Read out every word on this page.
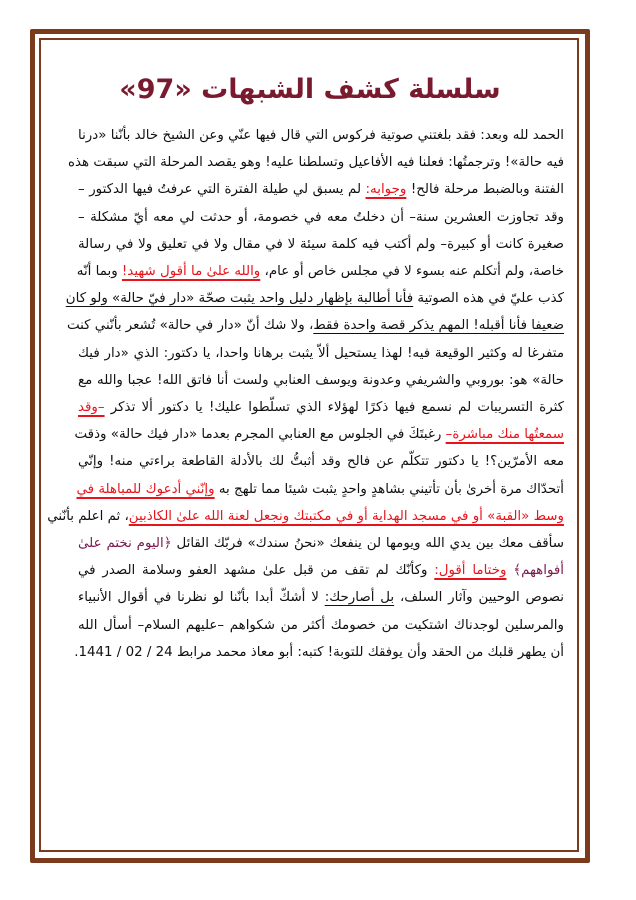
سلسلة كشف الشبهات «97»
الحمد لله وبعد: فقد بلغتني صوتية فركوس التي قال فيها عنّي وعن الشيخ خالد بأنّنا «درنا
فيه حالة»! وترجمتُها: فعلنا فيه الأفاعيل وتسلطنا عليه! وهو يقصد المرحلة التي سبقت هذه
الفتنة وبالضبط مرحلة فالح! وجوابه: لم يسبق لي طيلة الفترة التي عرفتُ فيها الدكتور –
وقد تجاوزت العشرين سنة– أن دخلتُ معه في خصومة، أو حدثت لي معه أيّ مشكلة –
صغيرة كانت أو كبيرة– ولم أكتب فيه كلمة سيئة لا في مقال ولا في تعليق ولا في رسالة
خاصة، ولم أتكلم عنه بسوء لا في مجلس خاص أو عام، والله علىٰ ما أقول شهيد! وبما أنّه
كذب عليّ في هذه الصوتية فأنا أطالبة بإظهار دليل واحد يثبت صحّة «دار فيّ حالة» ولو كان
ضعيفا فأنا أقبله! المهم يذكر قصة واحدة فقط، ولا شك أنّ «دار في حالة» تُشعر بأنّني كنت
متفرغا له وكثير الوقيعة فيه! لهذا يستحيل ألاّ يثبت برهانا واحدا، يا دكتور: الذي «دار فيك
حالة» هو: بوروبي والشريفي وعدونة ويوسف العنابي ولست أنا فاتق الله! عجبا والله مع
كثرة التسريبات لم نسمع فيها ذكرًا لهؤلاء الذي تسلّطوا عليك! يا دكتور ألا تذكر –وقد
سمعتُها منك مباشرة– رغبتَكَ في الجلوس مع العنابي المجرم بعدما «دار فيك حالة» وذقت
معه الأمرّين؟! يا دكتور تتكلّم عن فالح وقد أثبتُّ لك بالأدلة القاطعة براءتي منه! وإنّي
أتحدّاك مرة أخرىٰ بأن تأتيني بشاهدٍ واحدٍ يثبت شيئا مما تلهج به وإنّني أدعوك للمباهلة في
وسط «القبة» أو في مسجد الهداية أو في مكتبتك ونجعل لعنة الله علىٰ الكاذبين، ثم اعلم بأنّني
سأقف معك بين يدي الله ويومها لن ينفعك «نحنُ سندك» فربّك القائل ﴿اليوم نختم علىٰ
أفواههم﴾ وختاما أقول: وكأنّك لم تقف من قبل علىٰ مشهد العفو وسلامة الصدر في
نصوص الوحيين وآثار السلف، بل أصارحك: لا أشكّ أبدا بأنّنا لو نظرنا في أقوال الأنبياء
والمرسلين لوجدناك اشتكيت من خصومك أكثر من شكواهم –عليهم السلام– أسأل الله
أن يطهر قلبك من الحقد وأن يوفقك للتوبة! كتبه: أبو معاذ محمد مرابط 24 / 02 / 1441.
